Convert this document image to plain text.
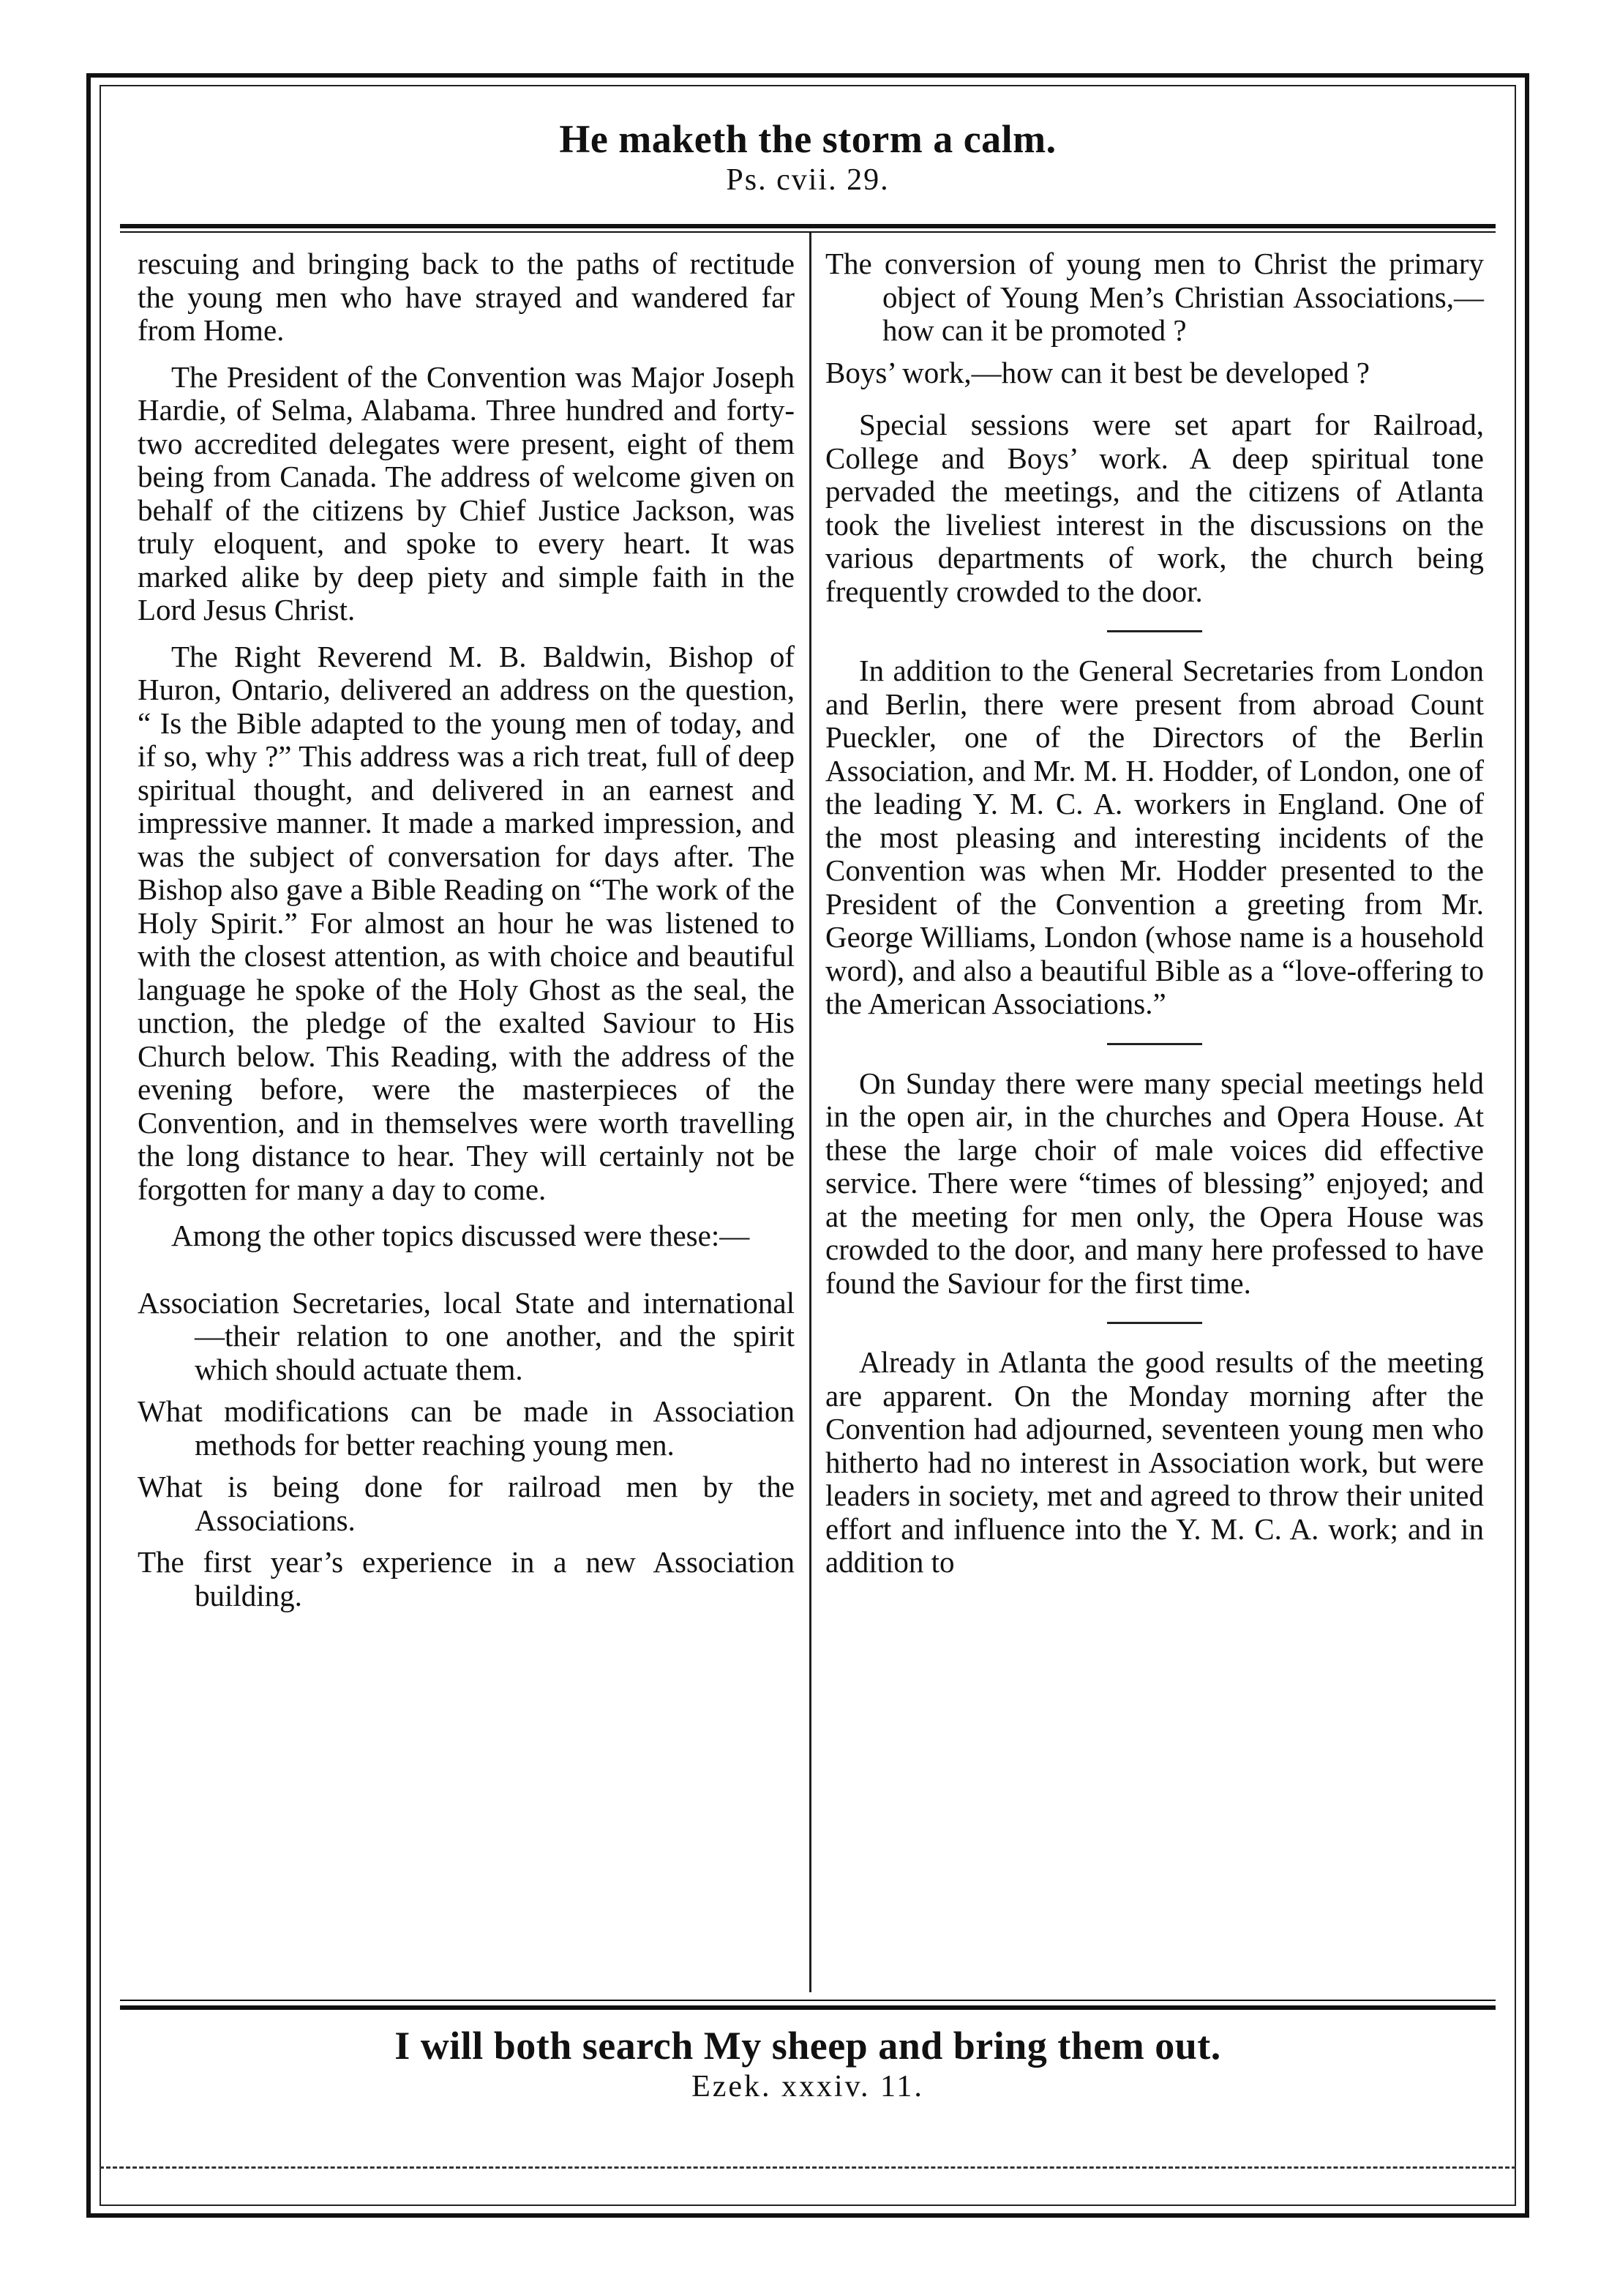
He maketh the storm a calm.
Ps. cvii. 29.

rescuing and bringing back to the paths of rectitude the young men who have strayed and wandered far from Home.

The President of the Convention was Major Joseph Hardie, of Selma, Alabama. Three hundred and forty-two accredited delegates were present, eight of them being from Canada. The address of welcome given on behalf of the citizens by Chief Justice Jackson, was truly eloquent, and spoke to every heart. It was marked alike by deep piety and simple faith in the Lord Jesus Christ.

The Right Reverend M. B. Baldwin, Bishop of Huron, Ontario, delivered an address on the question, “ Is the Bible adapted to the young men of today, and if so, why ?” This address was a rich treat, full of deep spiritual thought, and delivered in an earnest and impressive manner. It made a marked impression, and was the subject of conversation for days after. The Bishop also gave a Bible Reading on “The work of the Holy Spirit.” For almost an hour he was listened to with the closest attention, as with choice and beautiful language he spoke of the Holy Ghost as the seal, the unction, the pledge of the exalted Saviour to His Church below. This Reading, with the address of the evening before, were the masterpieces of the Convention, and in themselves were worth travelling the long distance to hear. They will certainly not be forgotten for many a day to come.

Among the other topics discussed were these:—

Association Secretaries, local State and international—their relation to one another, and the spirit which should actuate them.

What modifications can be made in Association methods for better reaching young men.

What is being done for railroad men by the Associations.

The first year’s experience in a new Association building.

The conversion of young men to Christ the primary object of Young Men’s Christian Associations,—how can it be promoted ?

Boys’ work,—how can it best be developed ?

Special sessions were set apart for Railroad, College and Boys’ work. A deep spiritual tone pervaded the meetings, and the citizens of Atlanta took the liveliest interest in the discussions on the various departments of work, the church being frequently crowded to the door.

In addition to the General Secretaries from London and Berlin, there were present from abroad Count Pueckler, one of the Directors of the Berlin Association, and Mr. M. H. Hodder, of London, one of the leading Y. M. C. A. workers in England. One of the most pleasing and interesting incidents of the Convention was when Mr. Hodder presented to the President of the Convention a greeting from Mr. George Williams, London (whose name is a household word), and also a beautiful Bible as a “love-offering to the American Associations.”

On Sunday there were many special meetings held in the open air, in the churches and Opera House. At these the large choir of male voices did effective service. There were “times of blessing” enjoyed; and at the meeting for men only, the Opera House was crowded to the door, and many here professed to have found the Saviour for the first time.

Already in Atlanta the good results of the meeting are apparent. On the Monday morning after the Convention had adjourned, seventeen young men who hitherto had no interest in Association work, but were leaders in society, met and agreed to throw their united effort and influence into the Y. M. C. A. work; and in addition to

I will both search My sheep and bring them out.
Ezek. xxxiv. 11.
